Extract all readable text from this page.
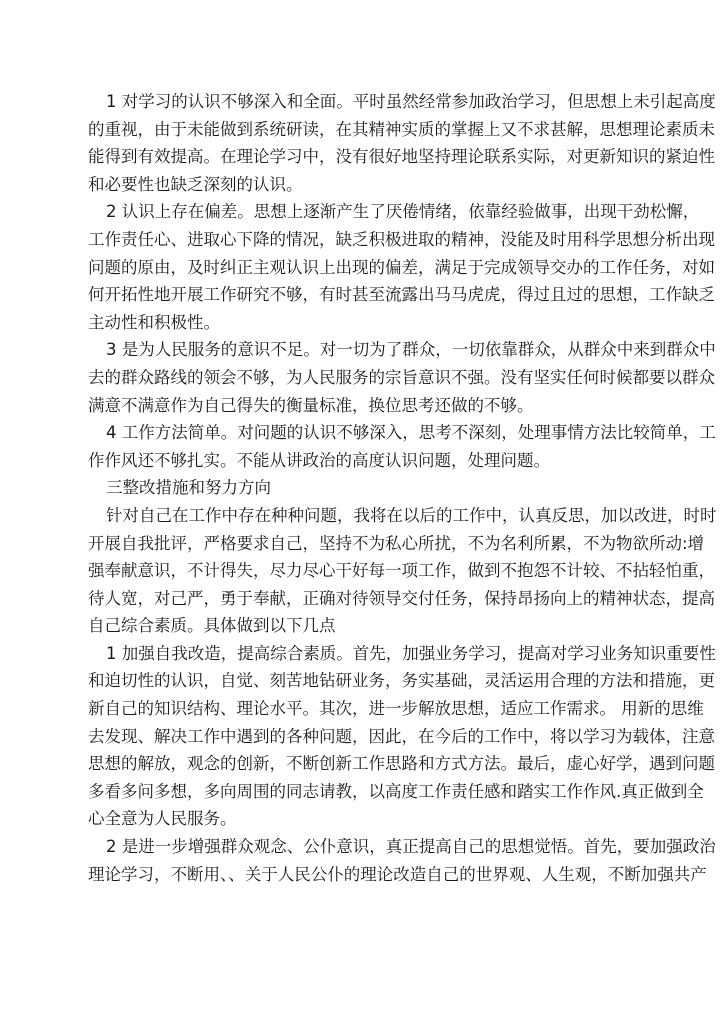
1 对学习的认识不够深入和全面。平时虽然经常参加政治学习，但思想上未引起高度
的重视，由于未能做到系统研读，在其精神实质的掌握上又不求甚解，思想理论素质未
能得到有效提高。在理论学习中，没有很好地坚持理论联系实际，对更新知识的紧迫性
和必要性也缺乏深刻的认识。
2 认识上存在偏差。思想上逐渐产生了厌倦情绪，依靠经验做事，出现干劲松懈，
工作责任心、进取心下降的情况，缺乏积极进取的精神，没能及时用科学思想分析出现
问题的原由，及时纠正主观认识上出现的偏差，满足于完成领导交办的工作任务，对如
何开拓性地开展工作研究不够，有时甚至流露出马马虎虎，得过且过的思想，工作缺乏
主动性和积极性。
3 是为人民服务的意识不足。对一切为了群众，一切依靠群众，从群众中来到群众中
去的群众路线的领会不够，为人民服务的宗旨意识不强。没有坚实任何时候都要以群众
满意不满意作为自己得失的衡量标准，换位思考还做的不够。
4 工作方法简单。对问题的认识不够深入，思考不深刻，处理事情方法比较简单，工
作作风还不够扎实。不能从讲政治的高度认识问题，处理问题。
三整改措施和努力方向
针对自己在工作中存在种种问题，我将在以后的工作中，认真反思，加以改进，时时
开展自我批评，严格要求自己，坚持不为私心所扰，不为名利所累，不为物欲所动:增
强奉献意识，不计得失，尽力尽心干好每一项工作，做到不抱怨不计较、不拈轻怕重，
待人宽，对己严，勇于奉献，正确对待领导交付任务，保持昂扬向上的精神状态，提高
自己综合素质。具体做到以下几点
1 加强自我改造，提高综合素质。首先，加强业务学习，提高对学习业务知识重要性
和迫切性的认识，自觉、刻苦地钻研业务，务实基础，灵活运用合理的方法和措施，更
新自己的知识结构、理论水平。其次，进一步解放思想，适应工作需求。 用新的思维
去发现、解决工作中遇到的各种问题，因此，在今后的工作中，将以学习为载体，注意
思想的解放，观念的创新，不断创新工作思路和方式方法。最后，虚心好学，遇到问题
多看多问多想，多向周围的同志请教，以高度工作责任感和踏实工作作风.真正做到全
心全意为人民服务。
2 是进一步增强群众观念、公仆意识，真正提高自己的思想觉悟。首先，要加强政治
理论学习，不断用、、关于人民公仆的理论改造自己的世界观、人生观，不断加强共产
